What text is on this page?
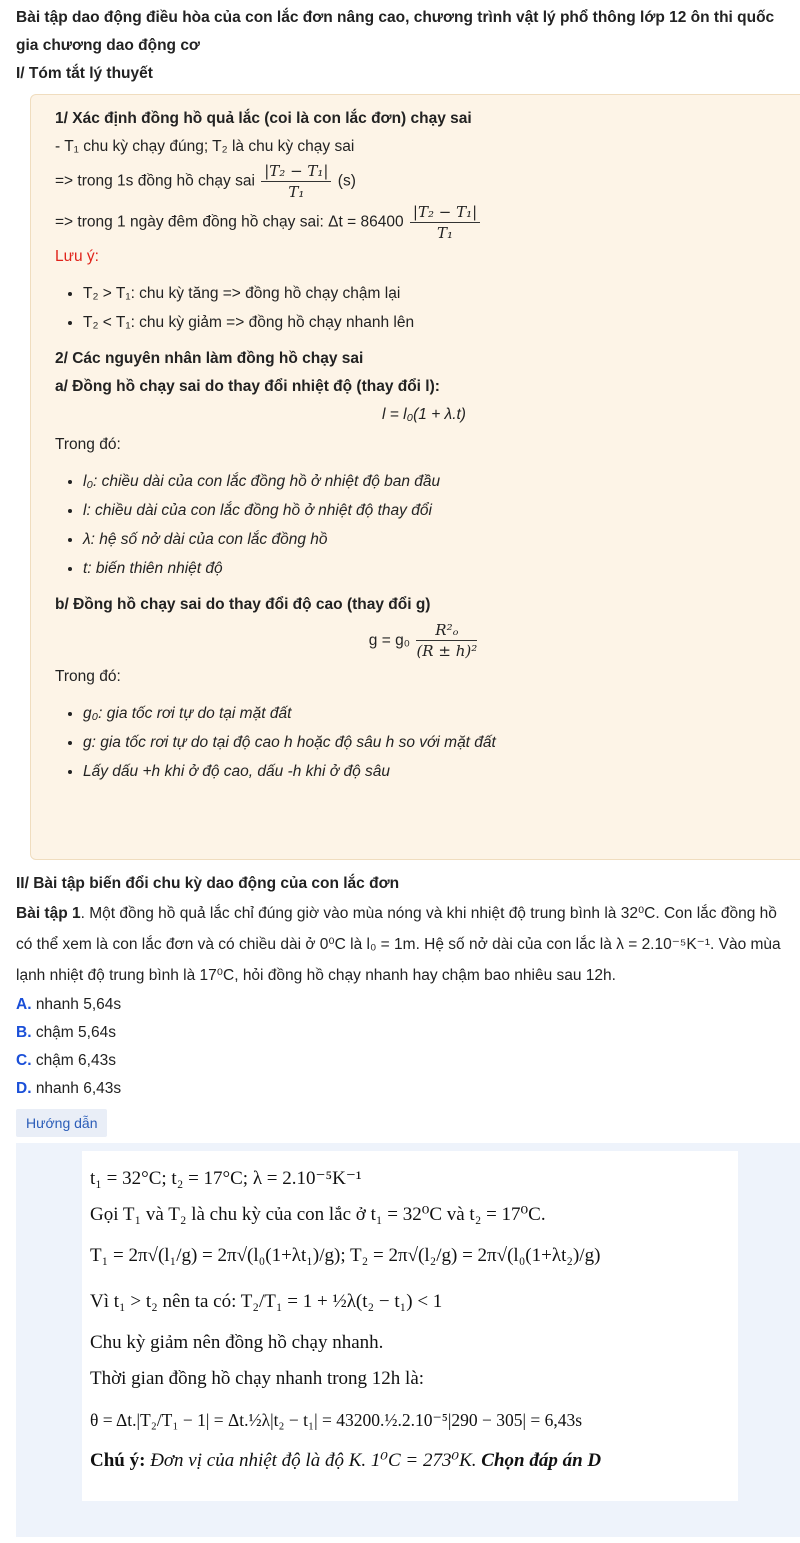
Bài tập dao động điều hòa của con lắc đơn nâng cao, chương trình vật lý phổ thông lớp 12 ôn thi quốc gia chương dao động cơ

I/ Tóm tắt lý thuyết

1/ Xác định đồng hồ quả lắc (coi là con lắc đơn) chạy sai

- T₁ chu kỳ chạy đúng; T₂ là chu kỳ chạy sai

=> trong 1s đồng hồ chạy sai $\frac{\text{|T₂ − T₁|}}{\text{T₁}} (s)$

=> trong 1 ngày đêm đồng hồ chạy sai: $\Delta t = 86400 \frac{\text{|T₂ − T₁|}}{\text{T₁}}$

Lưu ý:

• T₂ > T₁: chu kỳ tăng => đồng hồ chạy chậm lại
• T₂ < T₁: chu kỳ giảm => đồng hồ chạy nhanh lên

2/ Các nguyên nhân làm đồng hồ chạy sai

a/ Đồng hồ chạy sai do thay đổi nhiệt độ (thay đổi l):

l = l₀(1 + λ.t)

Trong đó:

• l₀: chiều dài của con lắc đồng hồ ở nhiệt độ ban đầu
• l: chiều dài của con lắc đồng hồ ở nhiệt độ thay đổi
• λ: hệ số nở dài của con lắc đồng hồ
• t: biến thiên nhiệt độ

b/ Đồng hồ chạy sai do thay đổi độ cao (thay đổi g)

$g = g_0 \frac{\text{R²ₒ}}{\text{(R ± h)²}}$

Trong đó:

• g₀: gia tốc rơi tự do tại mặt đất
• g: gia tốc rơi tự do tại độ cao h hoặc độ sâu h so với mặt đất
• Lấy dấu +h khi ở độ cao, dấu -h khi ở độ sâu

II/ Bài tập biến đổi chu kỳ dao động của con lắc đơn

Bài tập 1. Một đồng hồ quả lắc chỉ đúng giờ vào mùa nóng và khi nhiệt độ trung bình là 32⁰C. Con lắc đồng hồ có thể xem là con lắc đơn và có chiều dài ở 0⁰C là l₀ = 1m. Hệ số nở dài của con lắc là λ = 2.10⁻⁵K⁻¹. Vào mùa lạnh nhiệt độ trung bình là 17⁰C, hỏi đồng hồ chạy nhanh hay chậm bao nhiêu sau 12h.

A. nhanh 5,64s

B. chậm 5,64s

C. chậm 6,43s

D. nhanh 6,43s

Hướng dẫn

t₁ = 32°C; t₂ = 17°C; λ = 2.10⁻⁵K⁻¹

Gọi T₁ và T₂ là chu kỳ của con lắc ở t₁ = 32⁰C và t₂ = 17⁰C.

T₁ = 2π√(l₁/g) = 2π√(l₀(1+λt₁)/g); T₂ = 2π√(l₂/g) = 2π√(l₀(1+λt₂)/g)

Vì t₁ > t₂ nên ta có: T₂/T₁ = 1 + ½λ(t₂ − t₁) < 1

Chu kỳ giảm nên đồng hồ chạy nhanh.

Thời gian đồng hồ chạy nhanh trong 12h là:

θ = Δt.|T₂/T₁ − 1| = Δt.½λ|t₂ − t₁| = 43200.½.2.10⁻⁵|290 − 305| = 6,43s

Chú ý: Đơn vị của nhiệt độ là độ K. 1⁰C = 273⁰K. Chọn đáp án D
